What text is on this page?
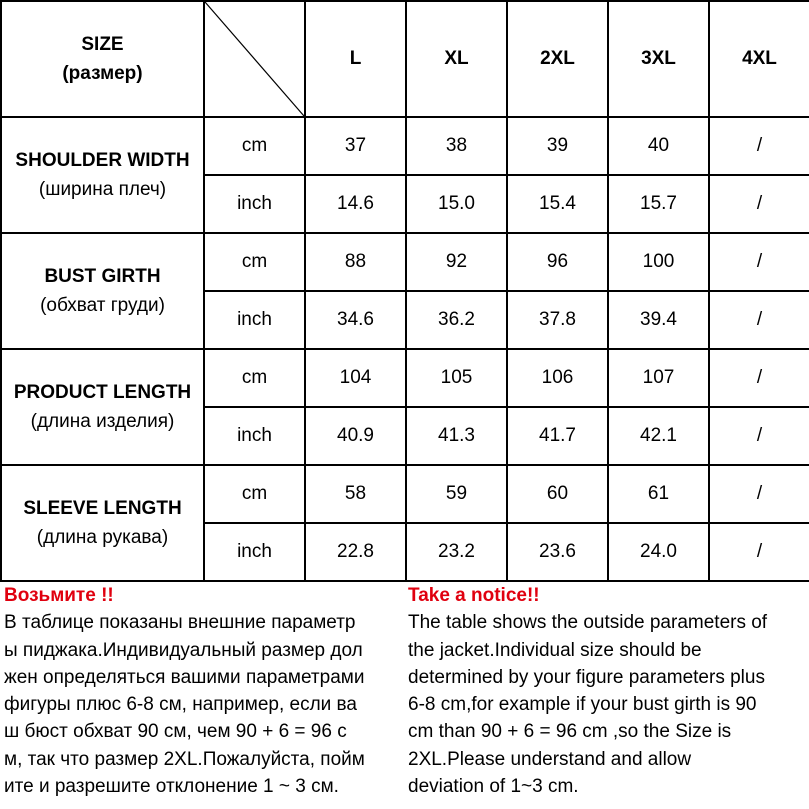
SIZE
(размер)		L	XL	2XL	3XL	4XL

SHOULDER WIDTH
(ширина плеч)	cm	37	38	39	40	/
	inch	14.6	15.0	15.4	15.7	/

BUST GIRTH
(обхват груди)	cm	88	92	96	100	/
	inch	34.6	36.2	37.8	39.4	/

PRODUCT LENGTH
(длина изделия)	cm	104	105	106	107	/
	inch	40.9	41.3	41.7	42.1	/

SLEEVE LENGTH
(длина рукава)	cm	58	59	60	61	/
	inch	22.8	23.2	23.6	24.0	/
Возьмите !!
В таблице показаны внешние параметр
ы пиджака.Индивидуальный размер дол
жен определяться вашими параметрами
фигуры плюс 6-8 см, например, если ва
ш бюст обхват 90 см, чем 90 + 6 = 96 с
м, так что размер 2XL.Пожалуйста, пойм
ите и разрешите отклонение 1 ~ 3 см.
Take a notice!!
The table shows the outside parameters of
the jacket.Individual size should be
determined by your figure parameters plus
6-8 cm,for example if your bust girth is 90
cm than 90 + 6 = 96 cm ,so the Size is
2XL.Please understand and allow
deviation of 1~3 cm.
